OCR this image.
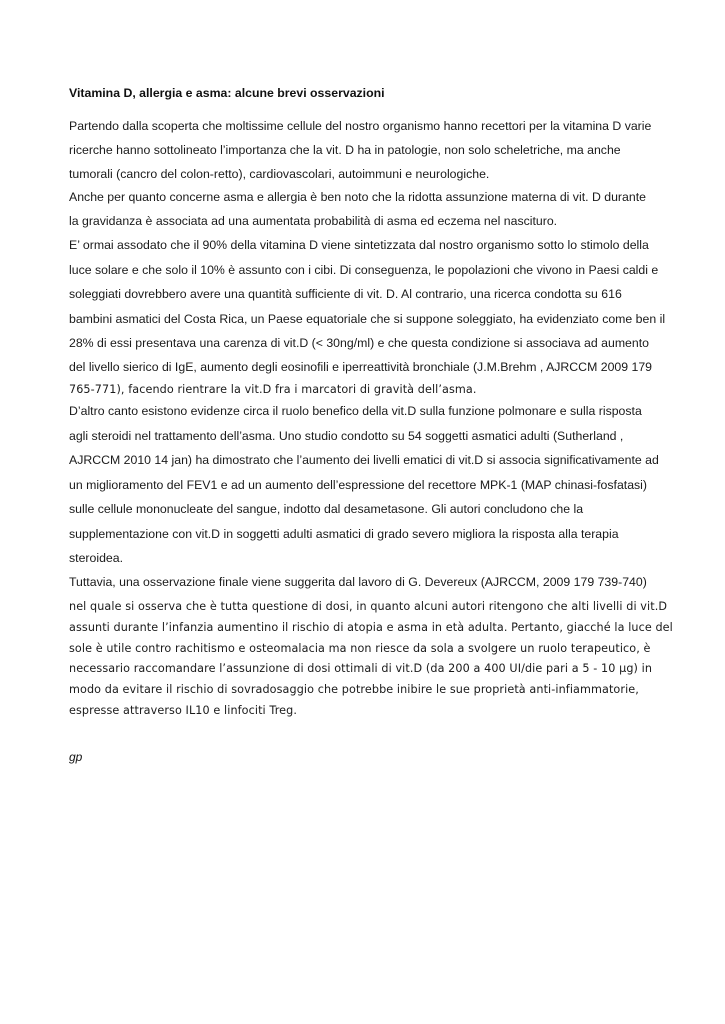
Vitamina D, allergia e asma: alcune brevi osservazioni
Partendo dalla scoperta che moltissime cellule del nostro organismo hanno recettori per la vitamina D varie
ricerche hanno sottolineato l’importanza che la vit. D ha in patologie, non solo scheletriche, ma anche
tumorali (cancro del colon-retto), cardiovascolari, autoimmuni e neurologiche.
Anche per quanto concerne asma e allergia è ben noto che la ridotta assunzione materna di vit. D durante
la gravidanza è associata ad una aumentata probabilità di asma ed eczema nel nascituro.
E’ ormai assodato che il 90% della vitamina D viene sintetizzata dal nostro organismo sotto lo stimolo della
luce solare e che solo il 10% è assunto con i cibi. Di conseguenza, le popolazioni che vivono in Paesi caldi e
soleggiati dovrebbero avere una quantità sufficiente di vit. D. Al contrario, una ricerca condotta su 616
bambini asmatici del Costa Rica, un Paese equatoriale che si suppone soleggiato, ha evidenziato come ben il
28% di essi presentava una carenza di vit.D (< 30ng/ml) e che questa condizione si associava ad aumento
del livello sierico di IgE, aumento degli eosinofili e iperreattività bronchiale (J.M.Brehm , AJRCCM 2009 179
765-771), facendo rientrare la vit.D fra i marcatori di gravità dell’asma.
D’altro canto esistono evidenze circa il ruolo benefico della vit.D sulla funzione polmonare e sulla risposta
agli steroidi nel trattamento dell’asma. Uno studio condotto su 54 soggetti asmatici adulti (Sutherland ,
AJRCCM 2010 14 jan) ha dimostrato che l’aumento dei livelli ematici di vit.D si associa significativamente ad
un miglioramento del FEV1 e ad un aumento dell’espressione del recettore MPK-1 (MAP chinasi-fosfatasi)
sulle cellule mononucleate del sangue, indotto dal desametasone. Gli autori concludono che la
supplementazione con vit.D in soggetti adulti asmatici di grado severo migliora la risposta alla terapia
steroidea.
Tuttavia, una osservazione finale viene suggerita dal lavoro di G. Devereux (AJRCCM, 2009 179 739-740)
nel quale si osserva che è tutta questione di dosi, in quanto alcuni autori ritengono che alti livelli di vit.D
assunti durante l’infanzia aumentino il rischio di atopia e asma in età adulta. Pertanto, giacché la luce del
sole è utile contro rachitismo e osteomalacia ma non riesce da sola a svolgere un ruolo terapeutico, è
necessario raccomandare l’assunzione di dosi ottimali di vit.D (da 200 a 400 UI/die pari a 5 - 10 µg) in
modo da evitare il rischio di sovradosaggio che potrebbe inibire le sue proprietà anti-infiammatorie,
espresse attraverso IL10 e linfociti Treg.
gp
